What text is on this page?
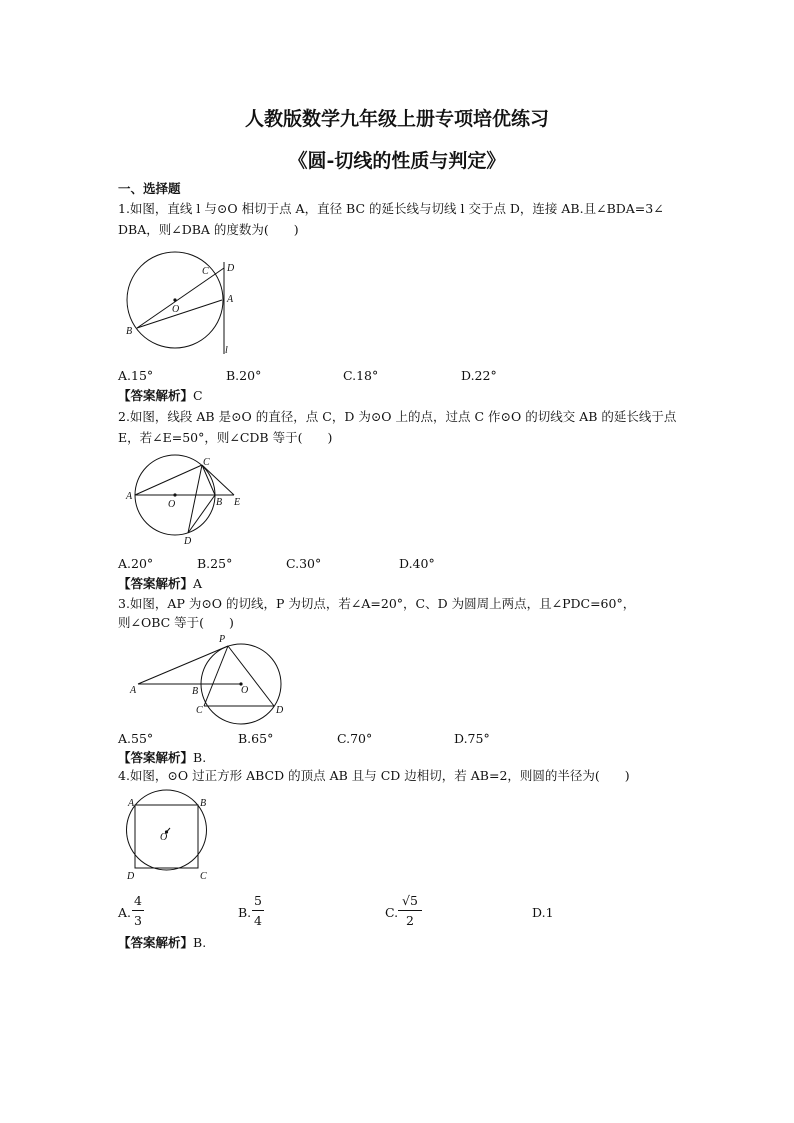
人教版数学九年级上册专项培优练习
《圆-切线的性质与判定》
一、选择题
1.如图，直线 l 与⊙O 相切于点 A，直径 BC 的延长线与切线 l 交于点 D，连接 AB.且∠BDA=3∠
DBA，则∠DBA 的度数为(　　)
C D
O
A
B
l
A.15°	B.20°	C.18°	D.22°
【答案解析】C
2.如图，线段 AB 是⊙O 的直径，点 C，D 为⊙O 上的点，过点 C 作⊙O 的切线交 AB 的延长线于点
E，若∠E=50°，则∠CDB 等于(　　)
C
A
O	B E
D
A.20°	B.25°	C.30°	D.40°
【答案解析】A
3.如图，AP 为⊙O 的切线，P 为切点，若∠A=20°，C、D 为圆周上两点，且∠PDC=60°，
则∠OBC 等于(　　)
P
A	B	O
C	D
A.55°	B.65°	C.70°	D.75°
【答案解析】B.
4.如图，⊙O 过正方形 ABCD 的顶点 AB 且与 CD 边相切，若 AB=2，则圆的半径为(　　)
A	B
O
D	C
A.
4
3
B.
5
4
C.
√5
2
D.1
【答案解析】B.
